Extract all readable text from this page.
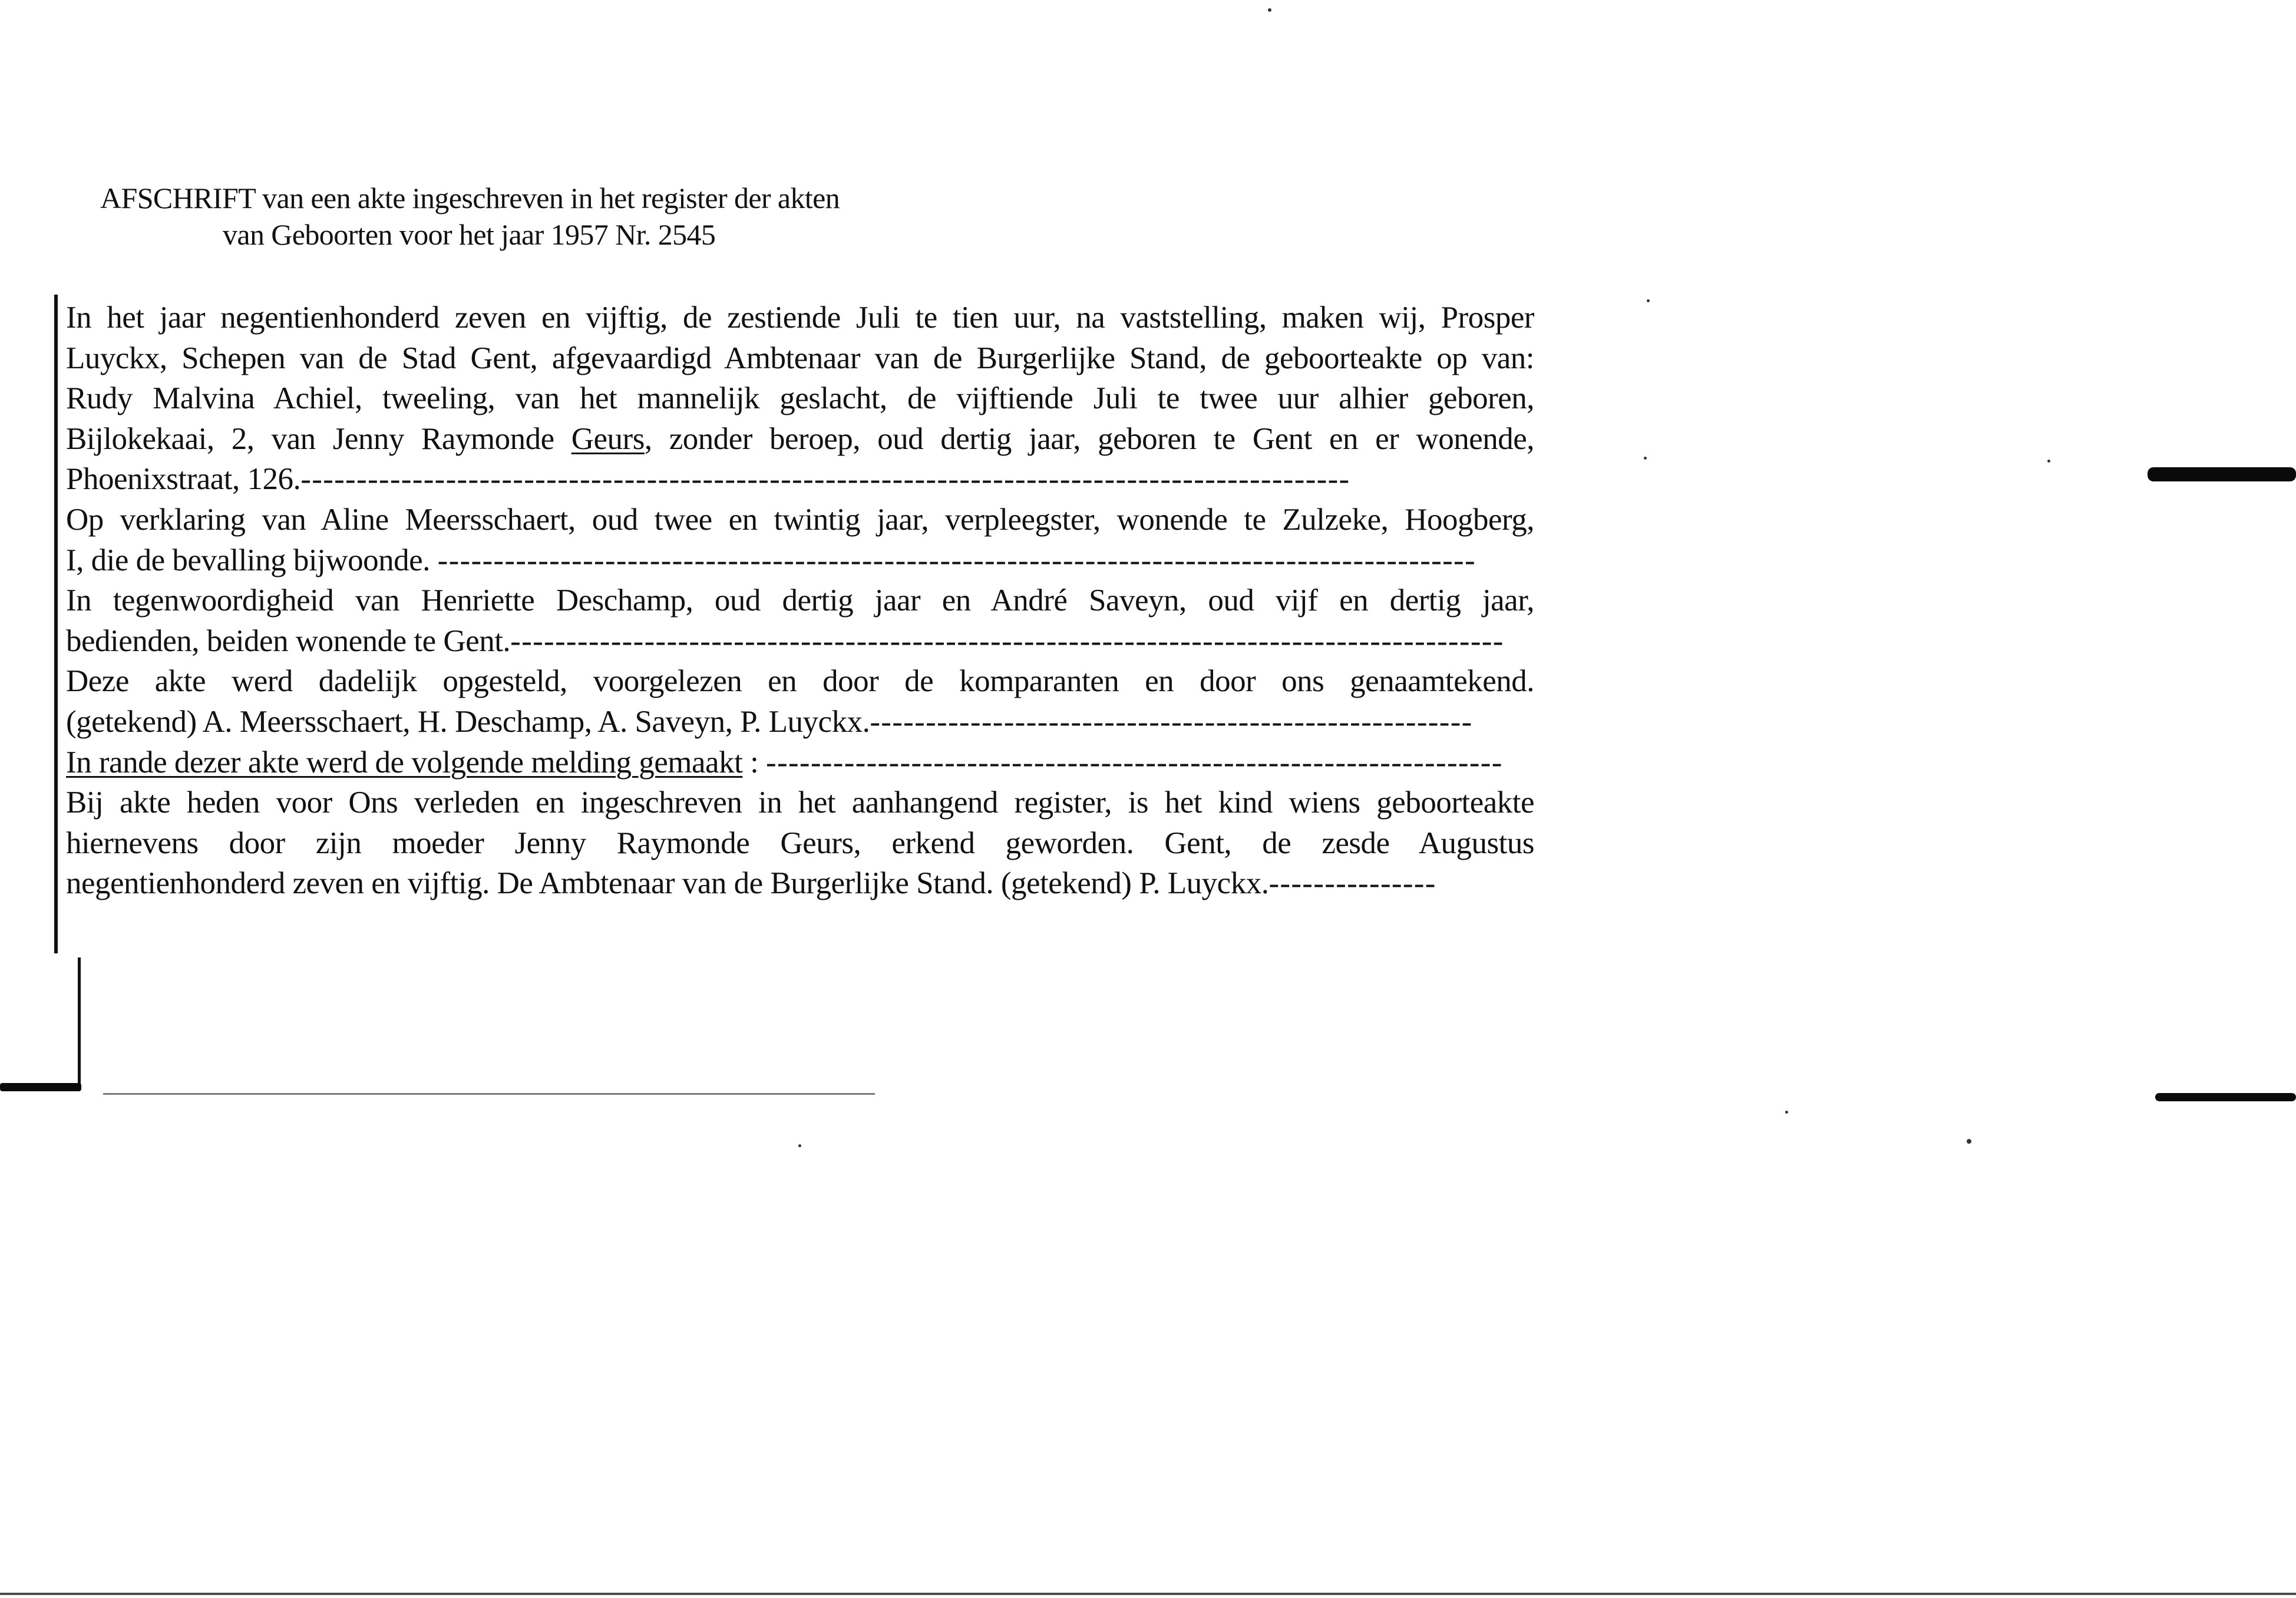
AFSCHRIFT van een akte ingeschreven in het register der akten
van Geboorten voor het jaar 1957 Nr. 2545
In het jaar negentienhonderd zeven en vijftig, de zestiende Juli te tien uur, na vaststelling, maken wij, Prosper
Luyckx, Schepen van de Stad Gent, afgevaardigd Ambtenaar van de Burgerlijke Stand, de geboorteakte op van:
Rudy Malvina Achiel, tweeling, van het mannelijk geslacht, de vijftiende Juli te twee uur alhier geboren,
Bijlokekaai, 2, van Jenny Raymonde Geurs, zonder beroep, oud dertig jaar, geboren te Gent en er wonende,
Phoenixstraat, 126. ----------------------------------------------------------------------------------------------
Op verklaring van Aline Meersschaert, oud twee en twintig jaar, verpleegster, wonende te Zulzeke, Hoogberg,
I, die de bevalling bijwoonde. ---------------------------------------------------------------------------------------------
In tegenwoordigheid van Henriette Deschamp, oud dertig jaar en André Saveyn, oud vijf en dertig jaar,
bedienden, beiden wonende te Gent. -----------------------------------------------------------------------------------------
Deze akte werd dadelijk opgesteld, voorgelezen en door de komparanten en door ons genaamtekend.
(getekend) A. Meersschaert, H. Deschamp, A. Saveyn, P. Luyckx. ------------------------------------------------------
In rande dezer akte werd de volgende melding gemaakt : ------------------------------------------------------------------
Bij akte heden voor Ons verleden en ingeschreven in het aanhangend register, is het kind wiens geboorteakte
hiernevens door zijn moeder Jenny Raymonde Geurs, erkend geworden. Gent, de zesde Augustus
negentienhonderd zeven en vijftig. De Ambtenaar van de Burgerlijke Stand. (getekend) P. Luyckx. ---------------
